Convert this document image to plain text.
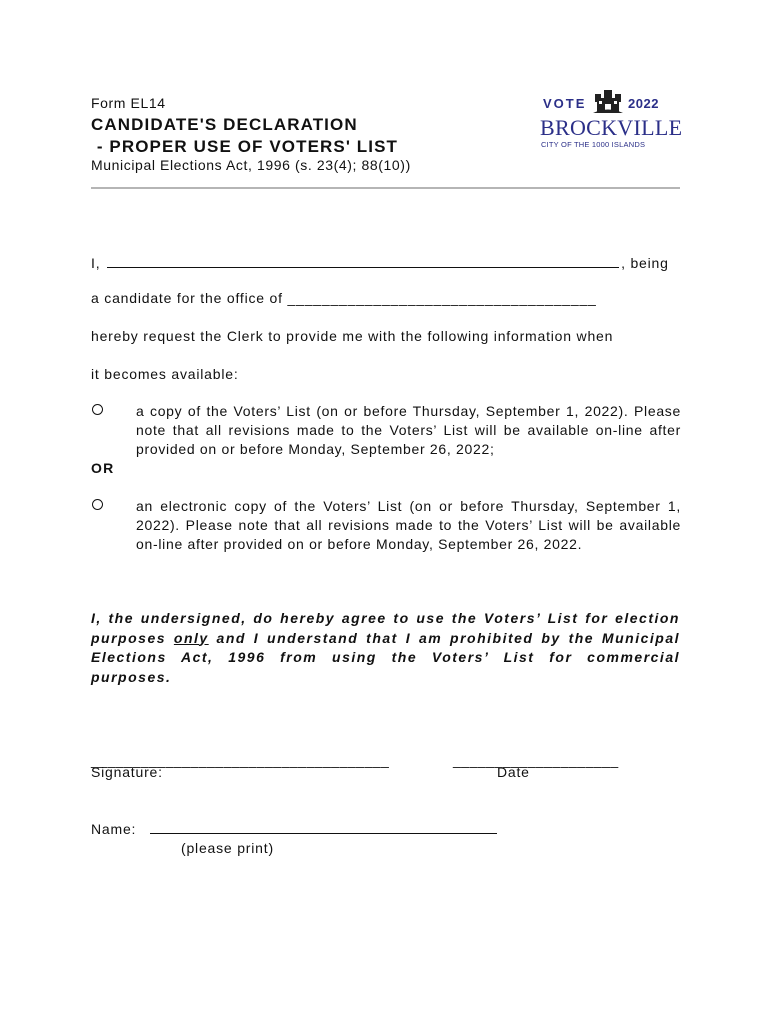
Form EL14
CANDIDATE'S DECLARATION
- PROPER USE OF VOTERS' LIST
Municipal Elections Act, 1996 (s. 23(4); 88(10))
VOTE	2022
BROCKVILLE
CITY OF THE 1000 ISLANDS
I,	, being
a candidate for the office of ____________________________________
hereby request the Clerk to provide me with the following information when
it becomes available:
a copy of the Voters’ List (on or before Thursday, September 1, 2022). Please note that all revisions made to the Voters’ List will be available on-line after provided on or before Monday, September 26, 2022;
OR
an electronic copy of the Voters’ List (on or before Thursday, September 1, 2022). Please note that all revisions made to the Voters’ List will be available on-line after provided on or before Monday, September 26, 2022.
I, the undersigned, do hereby agree to use the Voters’ List for election purposes only and I understand that I am prohibited by the Municipal Elections Act, 1996 from using the Voters’ List for commercial purposes.
____________________________________	____________________
Signature:	Date
Name:
(please print)
